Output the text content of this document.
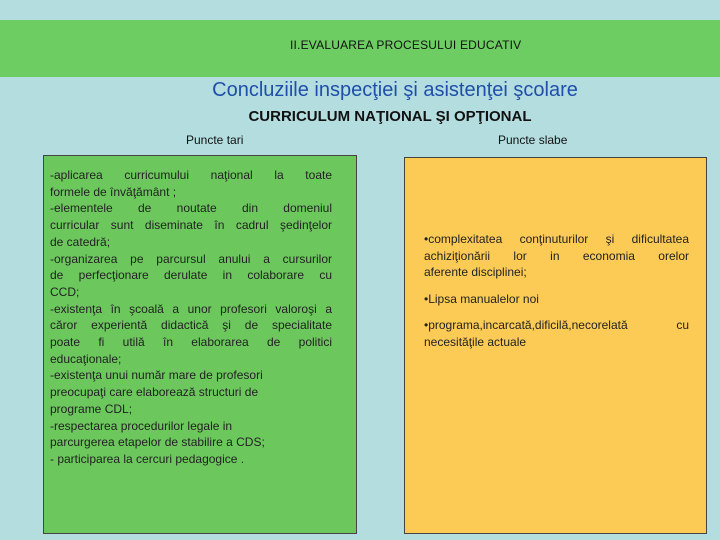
II.EVALUAREA PROCESULUI EDUCATIV
Concluziile inspecţiei şi asistenţei şcolare
CURRICULUM NAŢIONAL ŞI OPŢIONAL
Puncte tari	Puncte slabe
-aplicarea curricumului naţional la toate
formele de învăţământ ;
-elementele de noutate din domeniul
curricular sunt diseminate în cadrul şedinţelor
de catedră;
-organizarea pe parcursul anului a cursurilor
de perfecţionare derulate in colaborare cu
CCD;
-existenţa în şcoală a unor profesori valoroşi a
căror experientă didactică şi de specialitate
poate fi utilă în elaborarea de politici
educaţionale;
-existenţa unui număr mare de profesori
preocupaţi care elaborează structuri de
programe CDL;
-respectarea procedurilor legale in
parcurgerea etapelor de stabilire a CDS;
- participarea la cercuri pedagogice .
•complexitatea conţinuturilor şi dificultatea
achiziţionării lor in economia orelor
aferente disciplinei;
•Lipsa manualelor noi
•programa,incarcată,dificilă,necorelată cu
necesităţile actuale
